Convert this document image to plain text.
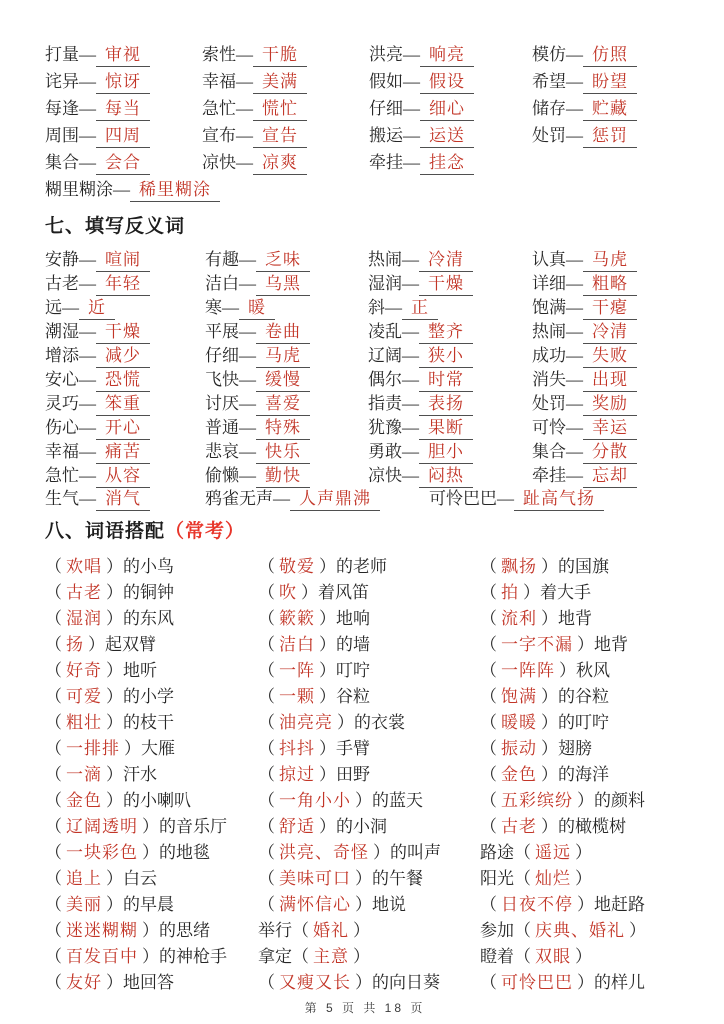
打量— 审视	索性— 干脆	洪亮— 响亮	模仿— 仿照
诧异— 惊讶	幸福— 美满	假如— 假设	希望— 盼望
每逢— 每当	急忙— 慌忙	仔细— 细心	储存— 贮藏
周围— 四周	宣布— 宣告	搬运— 运送	处罚— 惩罚
集合— 会合	凉快— 凉爽	牵挂— 挂念
糊里糊涂— 稀里糊涂
七、填写反义词
安静— 喧闹	有趣— 乏味	热闹— 冷清	认真— 马虎
古老— 年轻	洁白— 乌黑	湿润— 干燥	详细— 粗略
远— 近	寒— 暖	斜— 正	饱满— 干瘪
潮湿— 干燥	平展— 卷曲	凌乱— 整齐	热闹— 冷清
增添— 减少	仔细— 马虎	辽阔— 狭小	成功— 失败
安心— 恐慌	飞快— 缓慢	偶尔— 时常	消失— 出现
灵巧— 笨重	讨厌— 喜爱	指责— 表扬	处罚— 奖励
伤心— 开心	普通— 特殊	犹豫— 果断	可怜— 幸运
幸福— 痛苦	悲哀— 快乐	勇敢— 胆小	集合— 分散
急忙— 从容	偷懒— 勤快	凉快— 闷热	牵挂— 忘却
生气— 消气	鸦雀无声— 人声鼎沸	可怜巴巴— 趾高气扬
八、词语搭配（常考）
（ 欢唱 ）的小鸟	（ 敬爱 ）的老师	（ 飘扬 ）的国旗
（ 古老 ）的铜钟	（ 吹 ）着风笛	（ 拍 ）着大手
（ 湿润 ）的东风	（ 簌簌 ）地响	（ 流利 ）地背
（ 扬 ）起双臂	（ 洁白 ）的墙	（ 一字不漏 ）地背
（ 好奇 ）地听	（ 一阵 ）叮咛	（ 一阵阵 ）秋风
（ 可爱 ）的小学	（ 一颗 ）谷粒	（ 饱满 ）的谷粒
（ 粗壮 ）的枝干	（ 油亮亮 ）的衣裳	（ 暖暖 ）的叮咛
（ 一排排 ）大雁	（ 抖抖 ）手臂	（ 振动 ）翅膀
（ 一滴 ）汗水	（ 掠过 ）田野	（ 金色 ）的海洋
（ 金色 ）的小喇叭	（ 一角小小 ）的蓝天	（ 五彩缤纷 ）的颜料
（ 辽阔透明 ）的音乐厅	（ 舒适 ）的小洞	（ 古老 ）的橄榄树
（ 一块彩色 ）的地毯	（ 洪亮、奇怪 ）的叫声	路途（ 遥远 ）
（ 追上 ）白云	（ 美味可口 ）的午餐	阳光（ 灿烂 ）
（ 美丽 ）的早晨	（ 满怀信心 ）地说	（ 日夜不停 ）地赶路
（ 迷迷糊糊 ）的思绪	举行（ 婚礼 ）	参加（ 庆典、婚礼 ）
（ 百发百中 ）的神枪手	拿定（ 主意 ）	瞪着（ 双眼 ）
（ 友好 ）地回答	（ 又瘦又长 ）的向日葵	（ 可怜巴巴 ）的样儿
第 5 页 共 18 页
